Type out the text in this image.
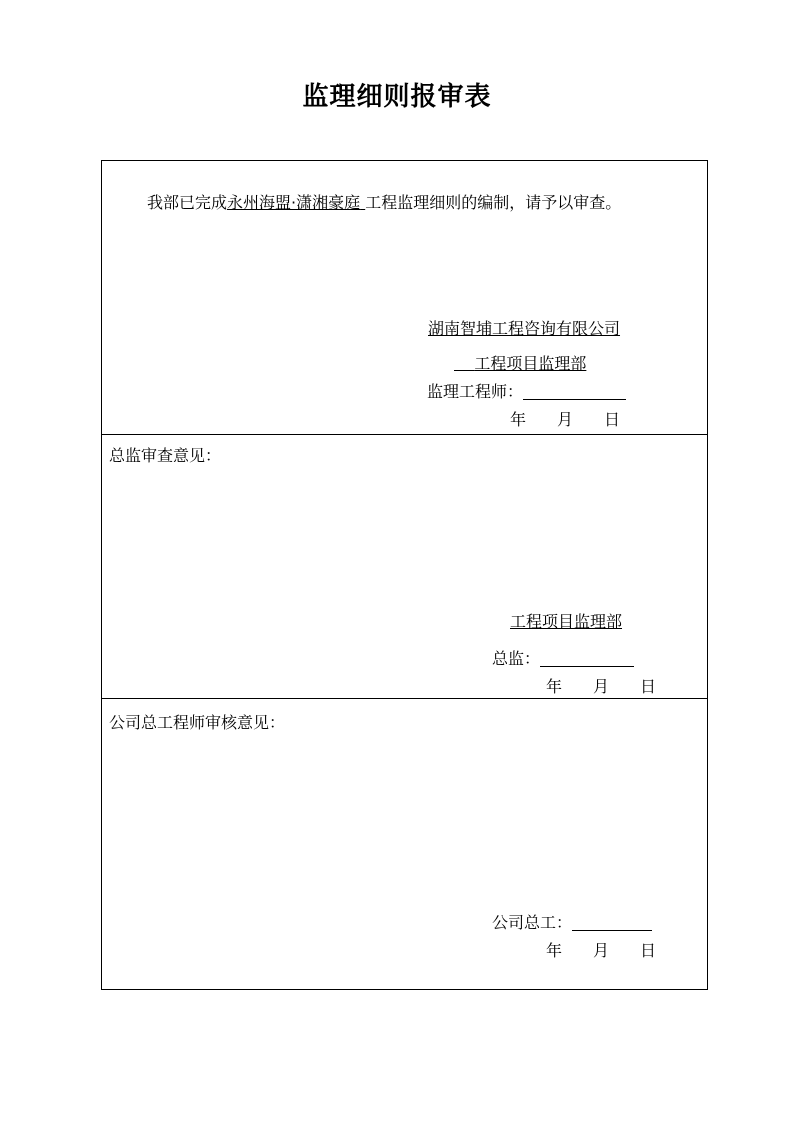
监理细则报审表
我部已完成永州海盟·潇湘豪庭 工程监理细则的编制，请予以审查。
湖南智埔工程咨询有限公司
工程项目监理部
监理工程师：
年 月 日
总监审查意见：
工程项目监理部
总监：
年 月 日
公司总工程师审核意见：
公司总工：
年 月 日
